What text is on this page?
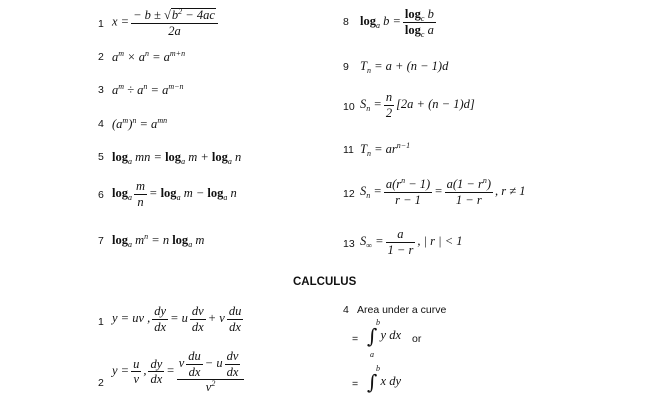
1 $x = \frac{- b \pm √b^2 - 4ac}{2a}$
2 $a^m \times a^n = a^{m+n}$
3 $a^m \div a^n = a^{m-n}$
4 $(a^m)^n = a^{mn}$
5 $\log_a$ mn = $\log_a m + \log_a n$
6 $\log_a \frac{m}{n} = \log_a m - \log_a n$
7 $\log_a m^n = n$ $\log_a m$
8 $\log_a b = \frac{\log_c b}{\log_c a}$
9 $T_n = a + (n - 1)d$
10 $S_n = \frac{n}{2} [2a + (n - 1)d]$
11 $T_n = ar^{n-1}$
12 $S_n = \frac{a(r^n - 1)}{r - 1} = \frac{a(1 - r^n)}{1 - r}$ , r ≠ 1
13 $S_\infty = \frac{a}{1 - r}$ , | r | < 1
CALCULUS
1 y = uv , $\frac{dy}{dx} = u \frac{dv}{dx} + v \frac{du}{dx}$
2
$y = \frac{u}{v}$ , $\frac{dy}{dx} = \frac{v \frac{du}{dx} - u \frac{dv}{dx}}{v^2}$
4 Area under a curve
= ∫ y dx
b
a
or
= ∫ x dy
b
